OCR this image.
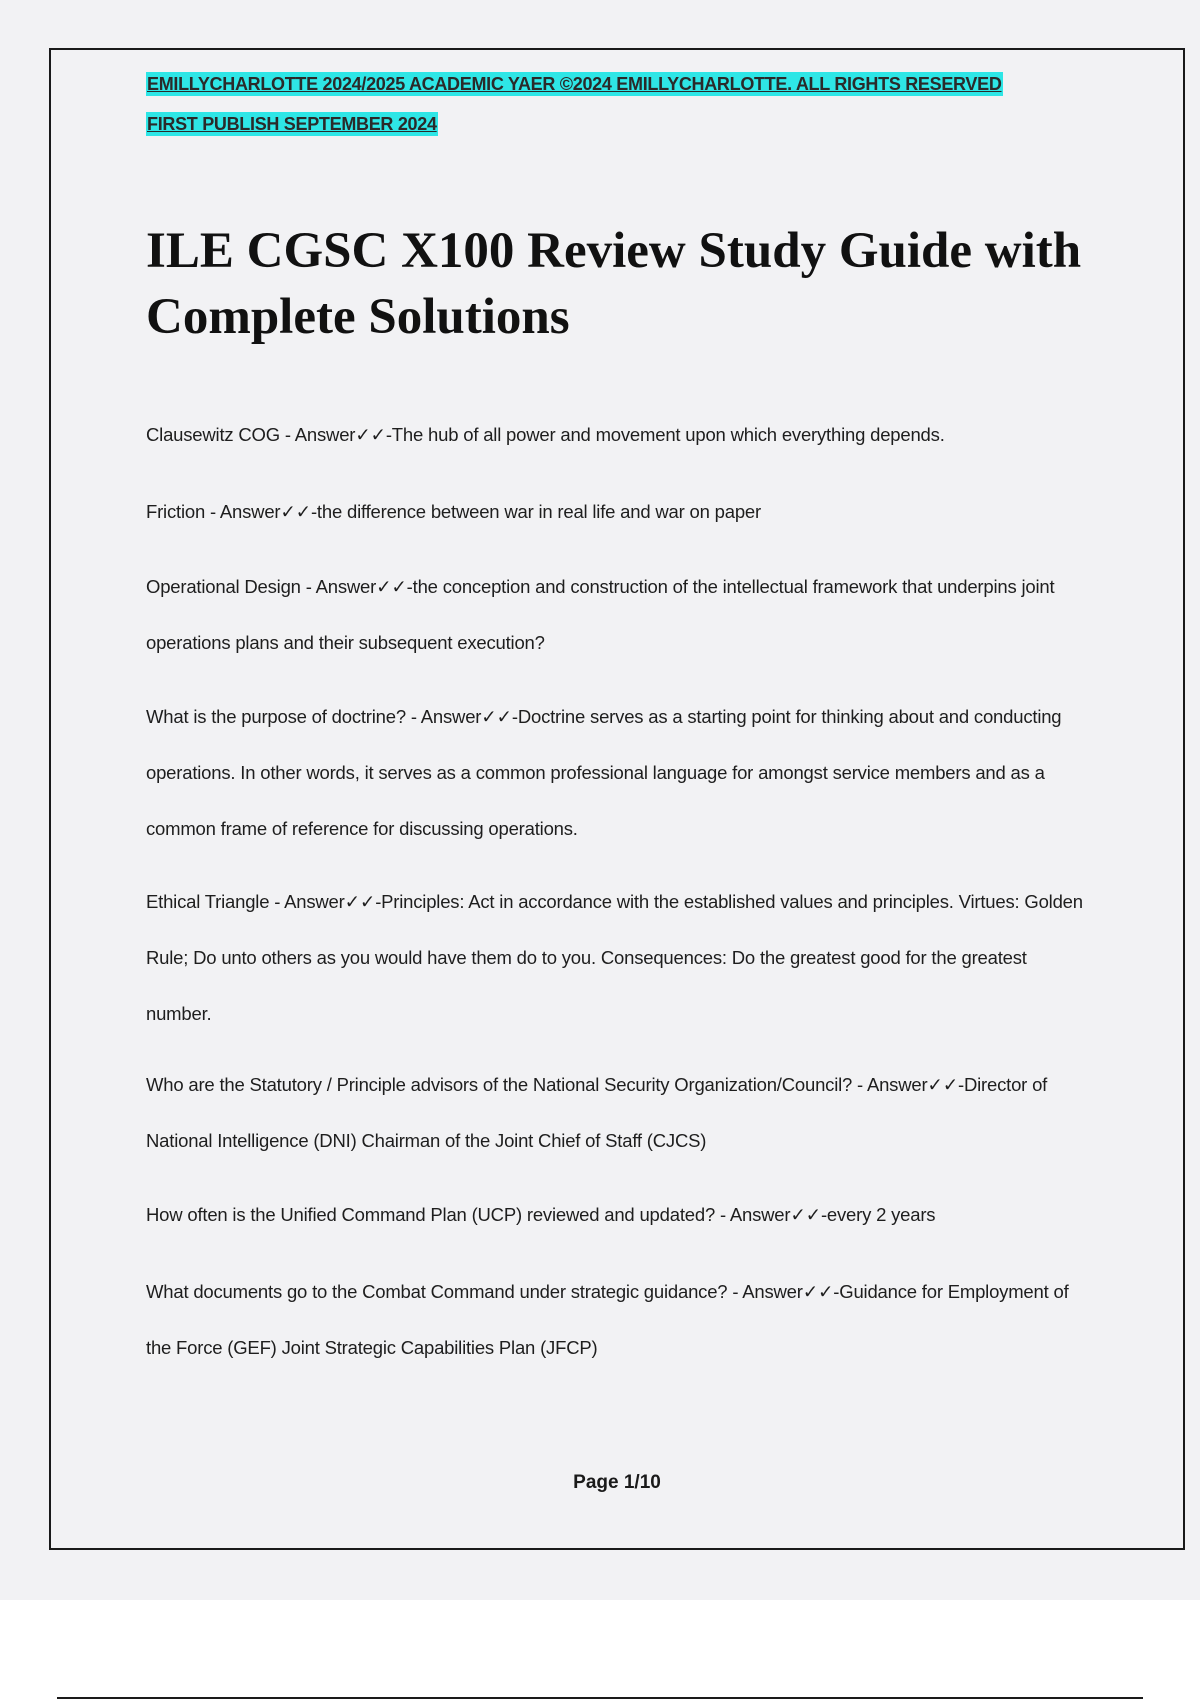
EMILLYCHARLOTTE 2024/2025 ACADEMIC YAER ©2024 EMILLYCHARLOTTE. ALL RIGHTS RESERVED
FIRST PUBLISH SEPTEMBER 2024
ILE CGSC X100 Review Study Guide with Complete Solutions

Clausewitz COG - Answer✓✓-The hub of all power and movement upon which everything depends.

Friction - Answer✓✓-the difference between war in real life and war on paper

Operational Design - Answer✓✓-the conception and construction of the intellectual framework that underpins joint operations plans and their subsequent execution?

What is the purpose of doctrine? - Answer✓✓-Doctrine serves as a starting point for thinking about and conducting operations. In other words, it serves as a common professional language for amongst service members and as a common frame of reference for discussing operations.

Ethical Triangle - Answer✓✓-Principles: Act in accordance with the established values and principles. Virtues: Golden Rule; Do unto others as you would have them do to you. Consequences: Do the greatest good for the greatest number.

Who are the Statutory / Principle advisors of the National Security Organization/Council? - Answer✓✓-Director of National Intelligence (DNI) Chairman of the Joint Chief of Staff (CJCS)

How often is the Unified Command Plan (UCP) reviewed and updated? - Answer✓✓-every 2 years

What documents go to the Combat Command under strategic guidance? - Answer✓✓-Guidance for Employment of the Force (GEF) Joint Strategic Capabilities Plan (JFCP)

Page 1/10
